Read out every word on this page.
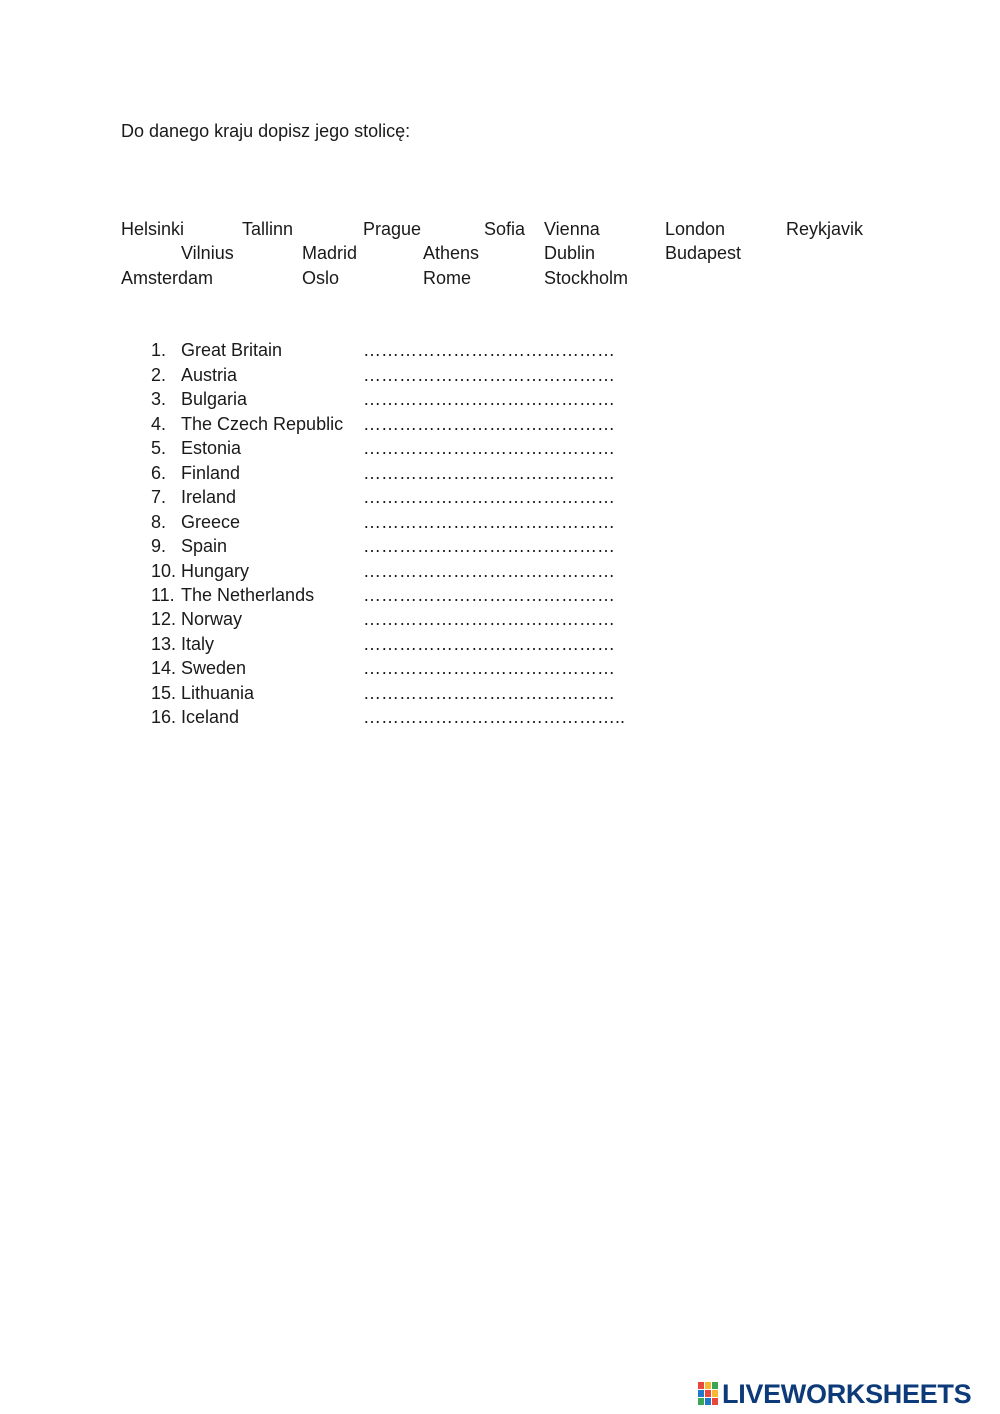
Do danego kraju dopisz jego stolicę:
Helsinki	Tallinn	Prague	Sofia Vienna	London	Reykjavik
Vilnius	Madrid	Athens	Dublin	Budapest
Amsterdam	Oslo	Rome	Stockholm
1. Great Britain	……………………………………
2. Austria	……………………………………
3. Bulgaria	……………………………………
4. The Czech Republic ……………………………………
5. Estonia	……………………………………
6. Finland	……………………………………
7. Ireland	……………………………………
8. Greece	……………………………………
9. Spain	……………………………………
10. Hungary	……………………………………
11. The Netherlands	……………………………………
12. Norway	……………………………………
13. Italy	……………………………………
14. Sweden	……………………………………
15. Lithuania	……………………………………
16. Iceland	……………………………………..
LIVEWORKSHEETS
